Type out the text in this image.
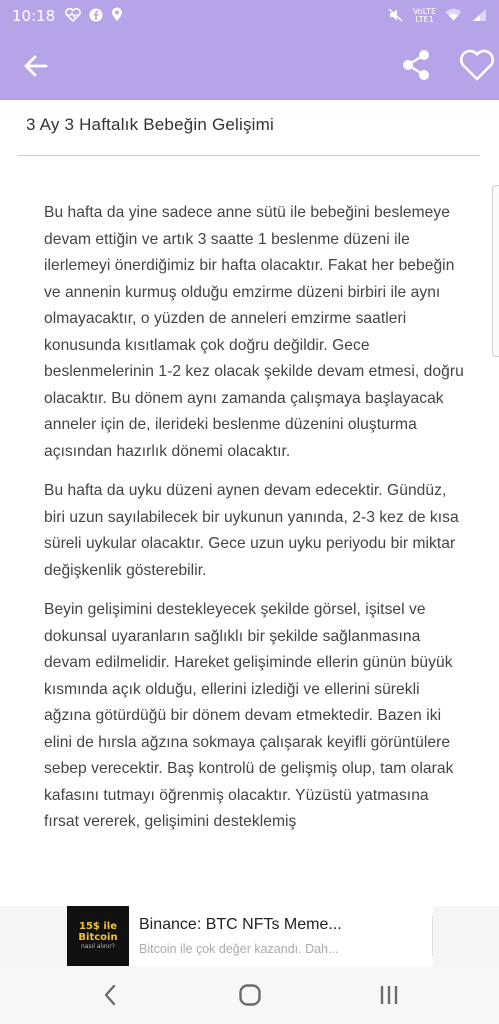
10:18	VoLTE
LTE1
3 Ay 3 Haftalık Bebeğin Gelişimi

Bu hafta da yine sadece anne sütü ile bebeğini beslemeye devam ettiğin ve artık 3 saatte 1 beslenme düzeni ile ilerlemeyi önerdiğimiz bir hafta olacaktır. Fakat her bebeğin ve annenin kurmuş olduğu emzirme düzeni birbiri ile aynı olmayacaktır, o yüzden de anneleri emzirme saatleri konusunda kısıtlamak çok doğru değildir. Gece beslenmelerinin 1-2 kez olacak şekilde devam etmesi, doğru olacaktır. Bu dönem aynı zamanda çalışmaya başlayacak anneler için de, ilerideki beslenme düzenini oluşturma açısından hazırlık dönemi olacaktır.

Bu hafta da uyku düzeni aynen devam edecektir. Gündüz, biri uzun sayılabilecek bir uykunun yanında, 2-3 kez de kısa süreli uykular olacaktır. Gece uzun uyku periyodu bir miktar değişkenlik gösterebilir.

Beyin gelişimini destekleyecek şekilde görsel, işitsel ve dokunsal uyaranların sağlıklı bir şekilde sağlanmasına devam edilmelidir. Hareket gelişiminde ellerin günün büyük kısmında açık olduğu, ellerini izlediği ve ellerini sürekli ağzına götürdüğü bir dönem devam etmektedir. Bazen iki elini de hırsla ağzına sokmaya çalışarak keyifli görüntülere sebep verecektir. Baş kontrolü de gelişmiş olup, tam olarak kafasını tutmayı öğrenmiş olacaktır. Yüzüstü yatmasına fırsat vererek, gelişimini desteklemiş

15$ ile
Bitcoin
nasıl alınır?
Binance: BTC NFTs Meme...
Bitcoin ile çok değer kazandı. Dah...
